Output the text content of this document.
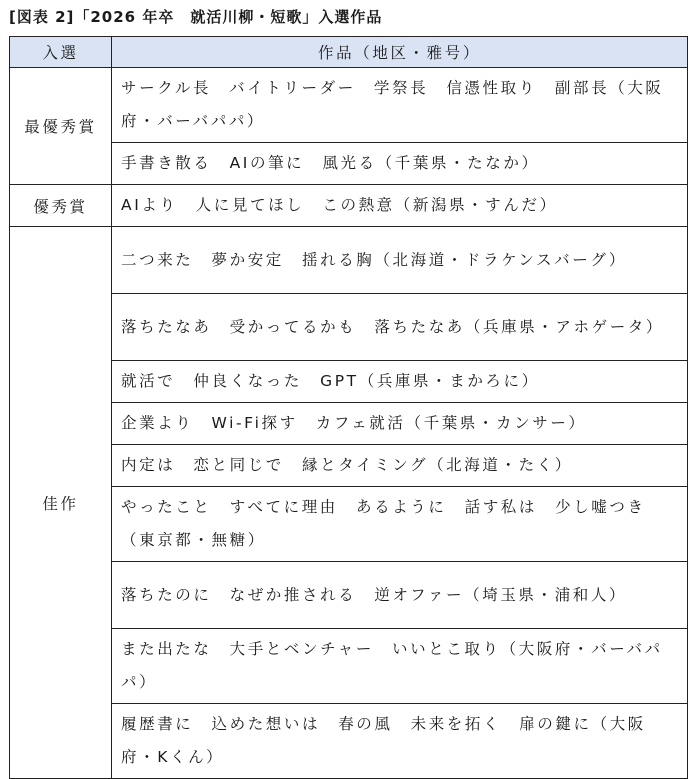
[図表 2]「2026 年卒　就活川柳・短歌」入選作品
入選	作品（地区・雅号）
最優秀賞	サークル長　バイトリーダー　学祭長　信憑性取り　副部長（大阪府・バーバパパ）
	手書き散る　AIの筆に　風光る（千葉県・たなか）
優秀賞	AIより　人に見てほし　この熱意（新潟県・すんだ）
佳作	二つ来た　夢か安定　揺れる胸（北海道・ドラケンスバーグ）
	落ちたなあ　受かってるかも　落ちたなあ（兵庫県・アホゲータ）
	就活で　仲良くなった　GPT（兵庫県・まかろに）
	企業より　Wi-Fi探す　カフェ就活（千葉県・カンサー）
	内定は　恋と同じで　縁とタイミング（北海道・たく）
	やったこと　すべてに理由　あるように　話す私は　少し嘘つき（東京都・無糖）
	落ちたのに　なぜか推される　逆オファー（埼玉県・浦和人）
	また出たな　大手とベンチャー　いいとこ取り（大阪府・バーバパパ）
	履歴書に　込めた想いは　春の風　未来を拓く　扉の鍵に（大阪府・Kくん）
